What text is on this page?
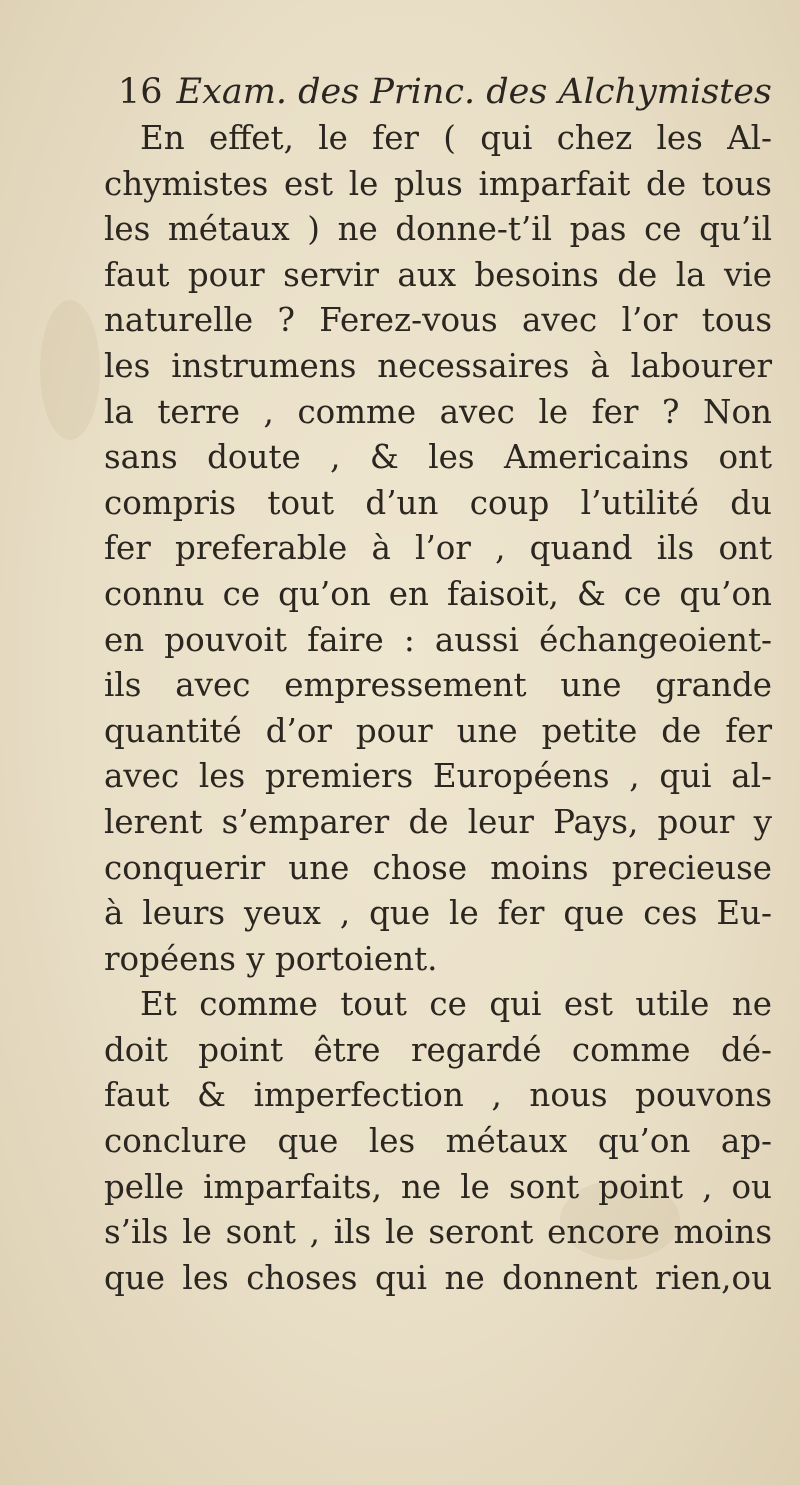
16 Exam. des Princ. des Alchymistes
En effet, le fer ( qui chez les Al-
chymistes est le plus imparfait de tous
les métaux ) ne donne-t’il pas ce qu’il
faut pour servir aux besoins de la vie
naturelle ? Ferez-vous avec l’or tous
les instrumens necessaires à labourer
la terre , comme avec le fer ? Non
sans doute , & les Americains ont
compris tout d’un coup l’utilité du
fer preferable à l’or , quand ils ont
connu ce qu’on en faisoit, & ce qu’on
en pouvoit faire : aussi échangeoient-
ils avec empressement une grande
quantité d’or pour une petite de fer
avec les premiers Européens , qui al-
lerent s’emparer de leur Pays, pour y
conquerir une chose moins precieuse
à leurs yeux , que le fer que ces Eu-
ropéens y portoient.
Et comme tout ce qui est utile ne
doit point être regardé comme dé-
faut & imperfection , nous pouvons
conclure que les métaux qu’on ap-
pelle imparfaits, ne le sont point , ou
s’ils le sont , ils le seront encore moins
que les choses qui ne donnent rien,ou
